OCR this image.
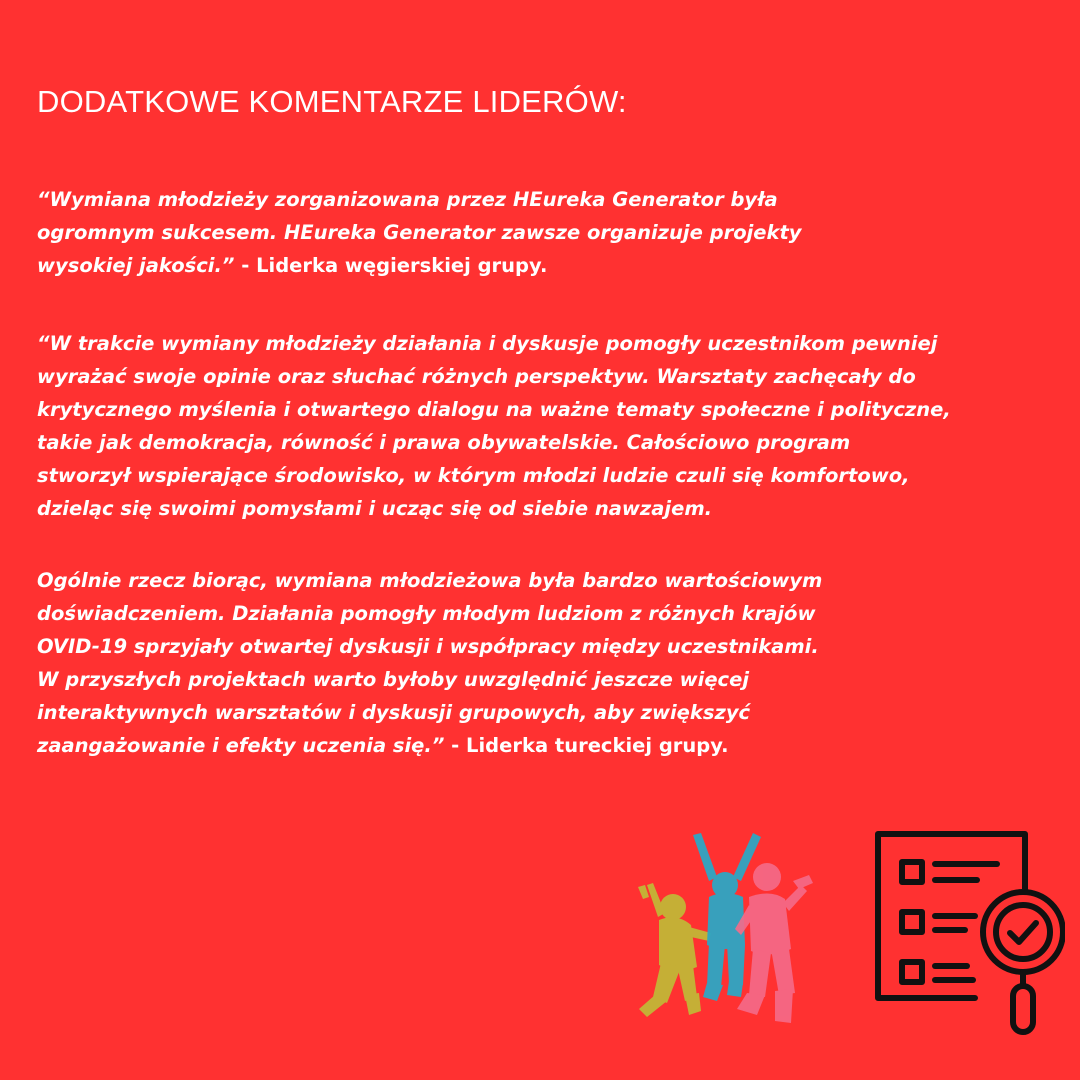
DODATKOWE KOMENTARZE LIDERÓW:

“Wymiana młodzieży zorganizowana przez HEureka Generator była
ogromnym sukcesem. HEureka Generator zawsze organizuje projekty
wysokiej jakości.” - Liderka węgierskiej grupy.

“W trakcie wymiany młodzieży działania i dyskusje pomogły uczestnikom pewniej
wyrażać swoje opinie oraz słuchać różnych perspektyw. Warsztaty zachęcały do
krytycznego myślenia i otwartego dialogu na ważne tematy społeczne i polityczne,
takie jak demokracja, równość i prawa obywatelskie. Całościowo program
stworzył wspierające środowisko, w którym młodzi ludzie czuli się komfortowo,
dzieląc się swoimi pomysłami i ucząc się od siebie nawzajem.

Ogólnie rzecz biorąc, wymiana młodzieżowa była bardzo wartościowym
doświadczeniem. Działania pomogły młodym ludziom z różnych krajów
OVID-19 sprzyjały otwartej dyskusji i współpracy między uczestnikami.
W przyszłych projektach warto byłoby uwzględnić jeszcze więcej
interaktywnych warsztatów i dyskusji grupowych, aby zwiększyć
zaangażowanie i efekty uczenia się.” - Liderka tureckiej grupy.
